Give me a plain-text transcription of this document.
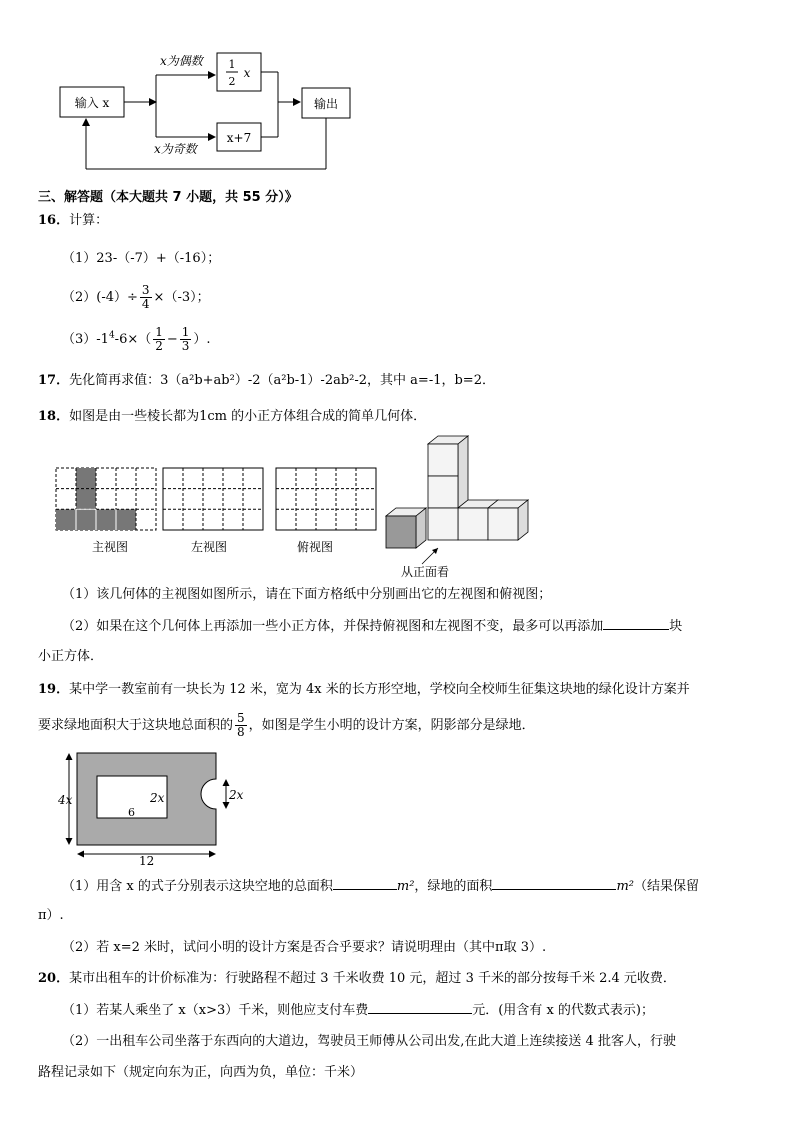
输入 x
x为偶数
x为奇数
1
2
x
x+7
输出
三、解答题（本大题共 7 小题，共 55 分）》
16．计算：
（1）23-（-7）+（-16）；
$(2)(-4)\div \frac{3}{4} \times(-3)$；
$(3)-1^4-6\times( \frac{1}{2} - \frac{1}{3}$ ）.
17．先化简再求值：3（a²b+ab²）-2（a²b-1）-2ab²-2，其中 a=-1，b=2．
18．如图是由一些棱长都为1cm 的小正方体组合成的简单几何体．
主视图	左视图	俯视图
从正面看
（1）该几何体的主视图如图所示，请在下面方格纸中分别画出它的左视图和俯视图；
（2）如果在这个几何体上再添加一些小正方体，并保持俯视图和左视图不变，最多可以再添加	块
小正方体．
19．某中学一教室前有一块长为 12 米，宽为 4x 米的长方形空地，学校向全校师生征集这块地的绿化设计方案并
要求绿地面积大于这块地总面积的 $\frac{5}{8}$ ，如图是学生小明的设计方案，阴影部分是绿地．
4x	2x
6
2x
12
（1）用含 x 的式子分别表示这块空地的总面积	m²，绿地的面积	m²（结果保留
π）.
（2）若 x=2 米时，试问小明的设计方案是否合乎要求？请说明理由（其中π取 3）.
20．某市出租车的计价标准为：行驶路程不超过 3 千米收费 10 元，超过 3 千米的部分按每千米 2.4 元收费．
（1）若某人乘坐了 x（x>3）千米，则他应支付车费	元．(用含有 x 的代数式表示)；
（2）一出租车公司坐落于东西向的大道边，驾驶员王师傅从公司出发,在此大道上连续接送 4 批客人，行驶
路程记录如下（规定向东为正，向西为负，单位：千米）
